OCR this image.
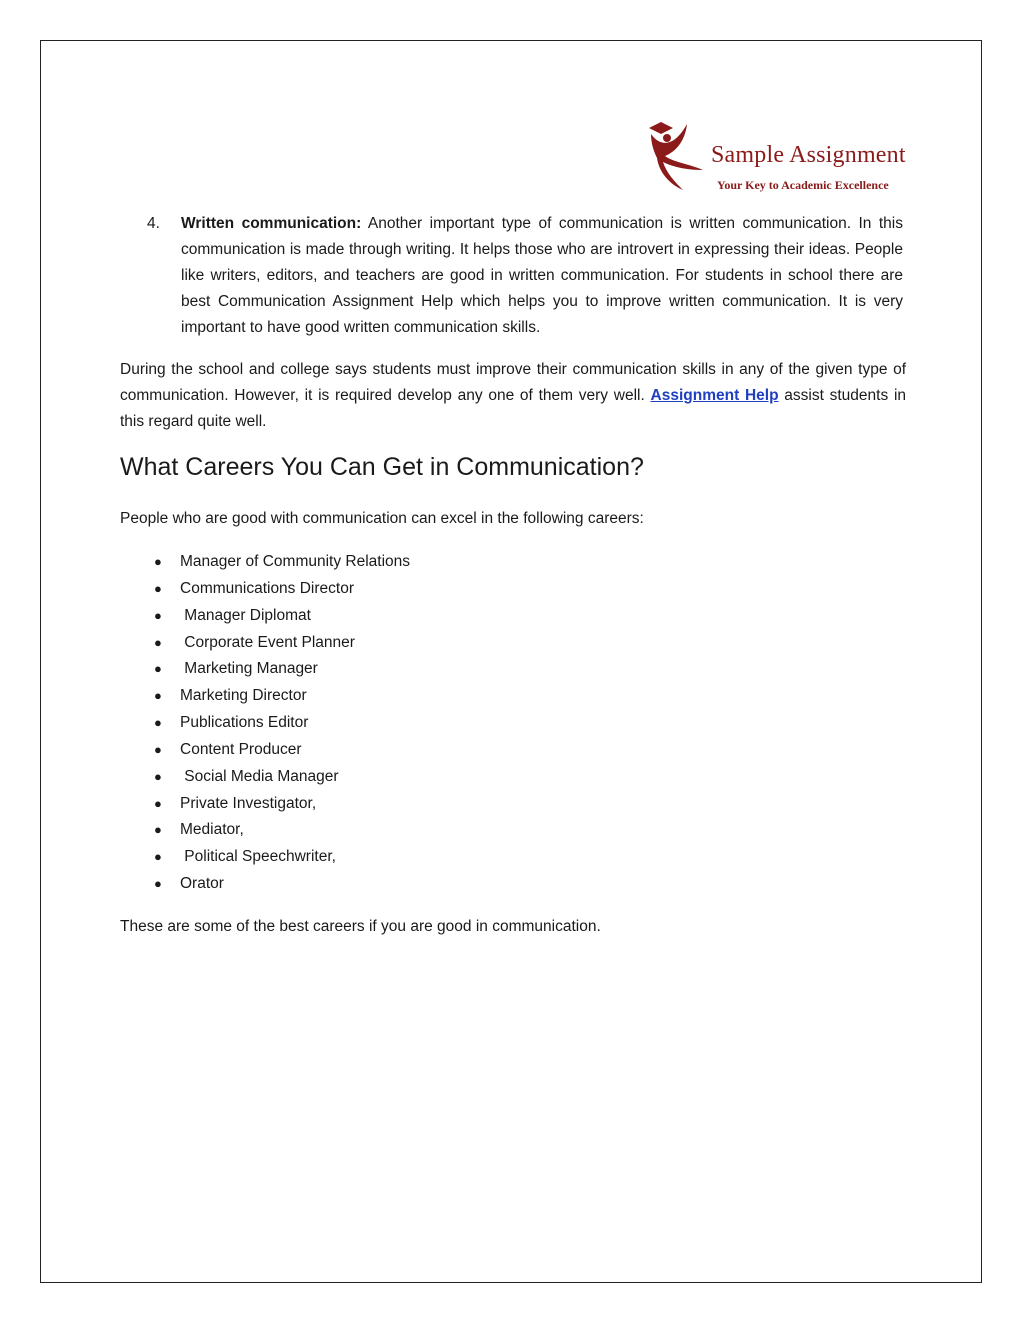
Sample Assignment
Your Key to Academic Excellence
4. Written communication: Another important type of communication is written communication. In this communication is made through writing. It helps those who are introvert in expressing their ideas. People like writers, editors, and teachers are good in written communication. For students in school there are best Communication Assignment Help which helps you to improve written communication. It is very important to have good written communication skills.
During the school and college says students must improve their communication skills in any of the given type of communication. However, it is required develop any one of them very well. Assignment Help assist students in this regard quite well.
What Careers You Can Get in Communication?
People who are good with communication can excel in the following careers:
● Manager of Community Relations
● Communications Director
● Manager Diplomat
● Corporate Event Planner
● Marketing Manager
● Marketing Director
● Publications Editor
● Content Producer
● Social Media Manager
● Private Investigator,
● Mediator,
● Political Speechwriter,
● Orator
These are some of the best careers if you are good in communication.
